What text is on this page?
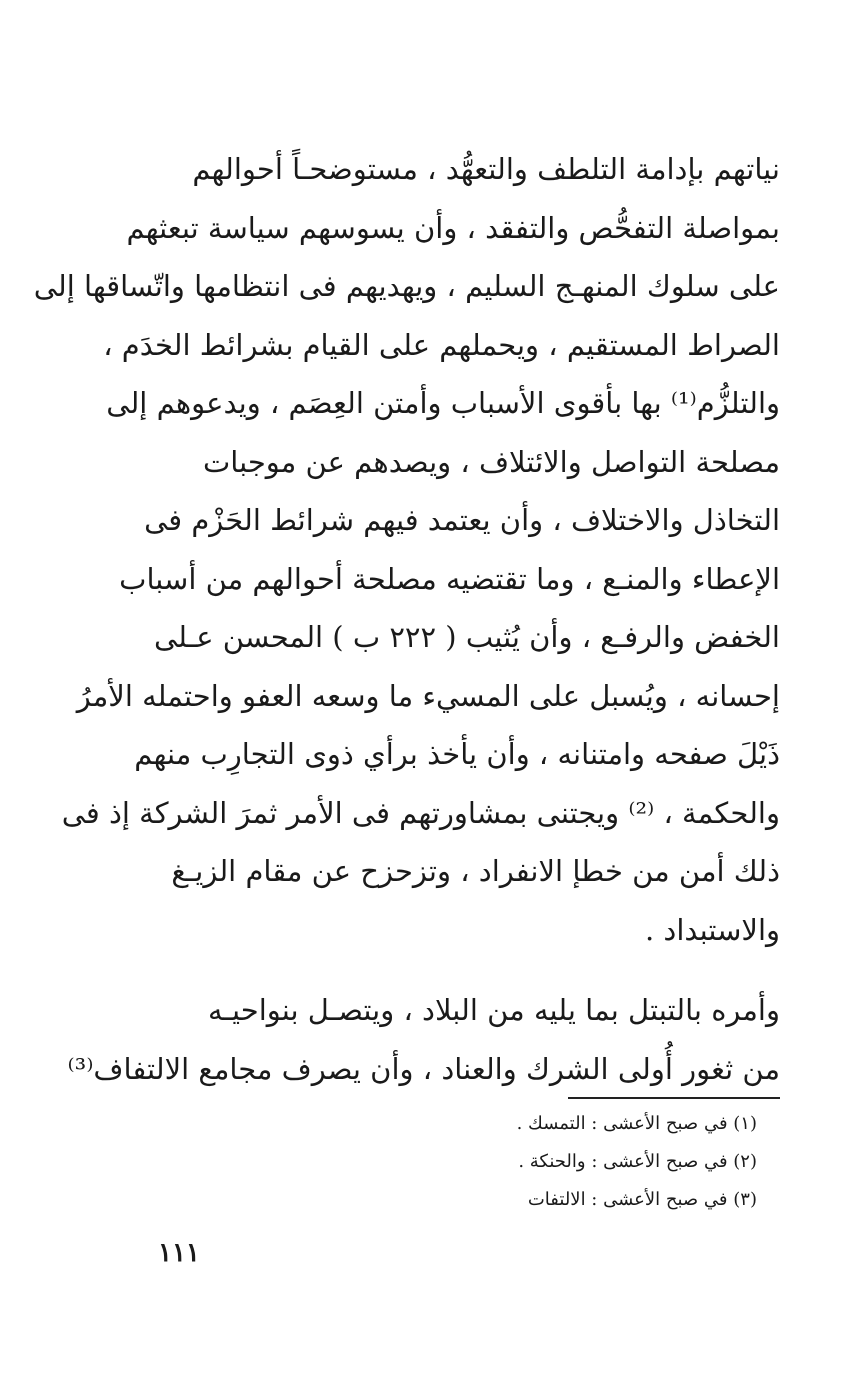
نياتهم بإدامة التلطف والتعهُّد ، مستوضحـاً أحوالهم
بمواصلة التفحُّص والتفقد ، وأن يسوسهم سياسة تبعثهم
على سلوك المنهـج السليم ، ويهديهم فى انتظامها واتّساقها إلى
الصراط المستقيم ، ويحملهم على القيام بشرائط الخدَم ،
والتلزُّم⁽¹⁾ بها بأقوى الأسباب وأمتن العِصَم ، ويدعوهم إلى
مصلحة التواصل والائتلاف ، ويصدهم عن موجبات
التخاذل والاختلاف ، وأن يعتمد فيهم شرائط الحَزْم فى
الإعطاء والمنـع ، وما تقتضيه مصلحة أحوالهم من أسباب
الخفض والرفـع ، وأن يُثيب ( ٢٢٢ ب ) المحسن عـلى
إحسانه ، ويُسبل على المسيء ما وسعه العفو واحتمله الأمرُ
ذَيْلَ صفحه وامتنانه ، وأن يأخذ برأي ذوى التجارِب منهم
والحكمة ، ⁽²⁾ ويجتنى بمشاورتهم فى الأمر ثمرَ الشركة إذ فى
ذلك أمن من خطإ الانفراد ، وتزحزح عن مقام الزيـغ
والاستبداد .
وأمره بالتبتل بما يليه من البلاد ، ويتصـل بنواحيـه
من ثغور أُولى الشرك والعناد ، وأن يصرف مجامع الالتفاف⁽³⁾
(١) في صبح الأعشى : التمسك .
(٢) في صبح الأعشى : والحنكة .
(٣) في صبح الأعشى : الالتفات
١١١
